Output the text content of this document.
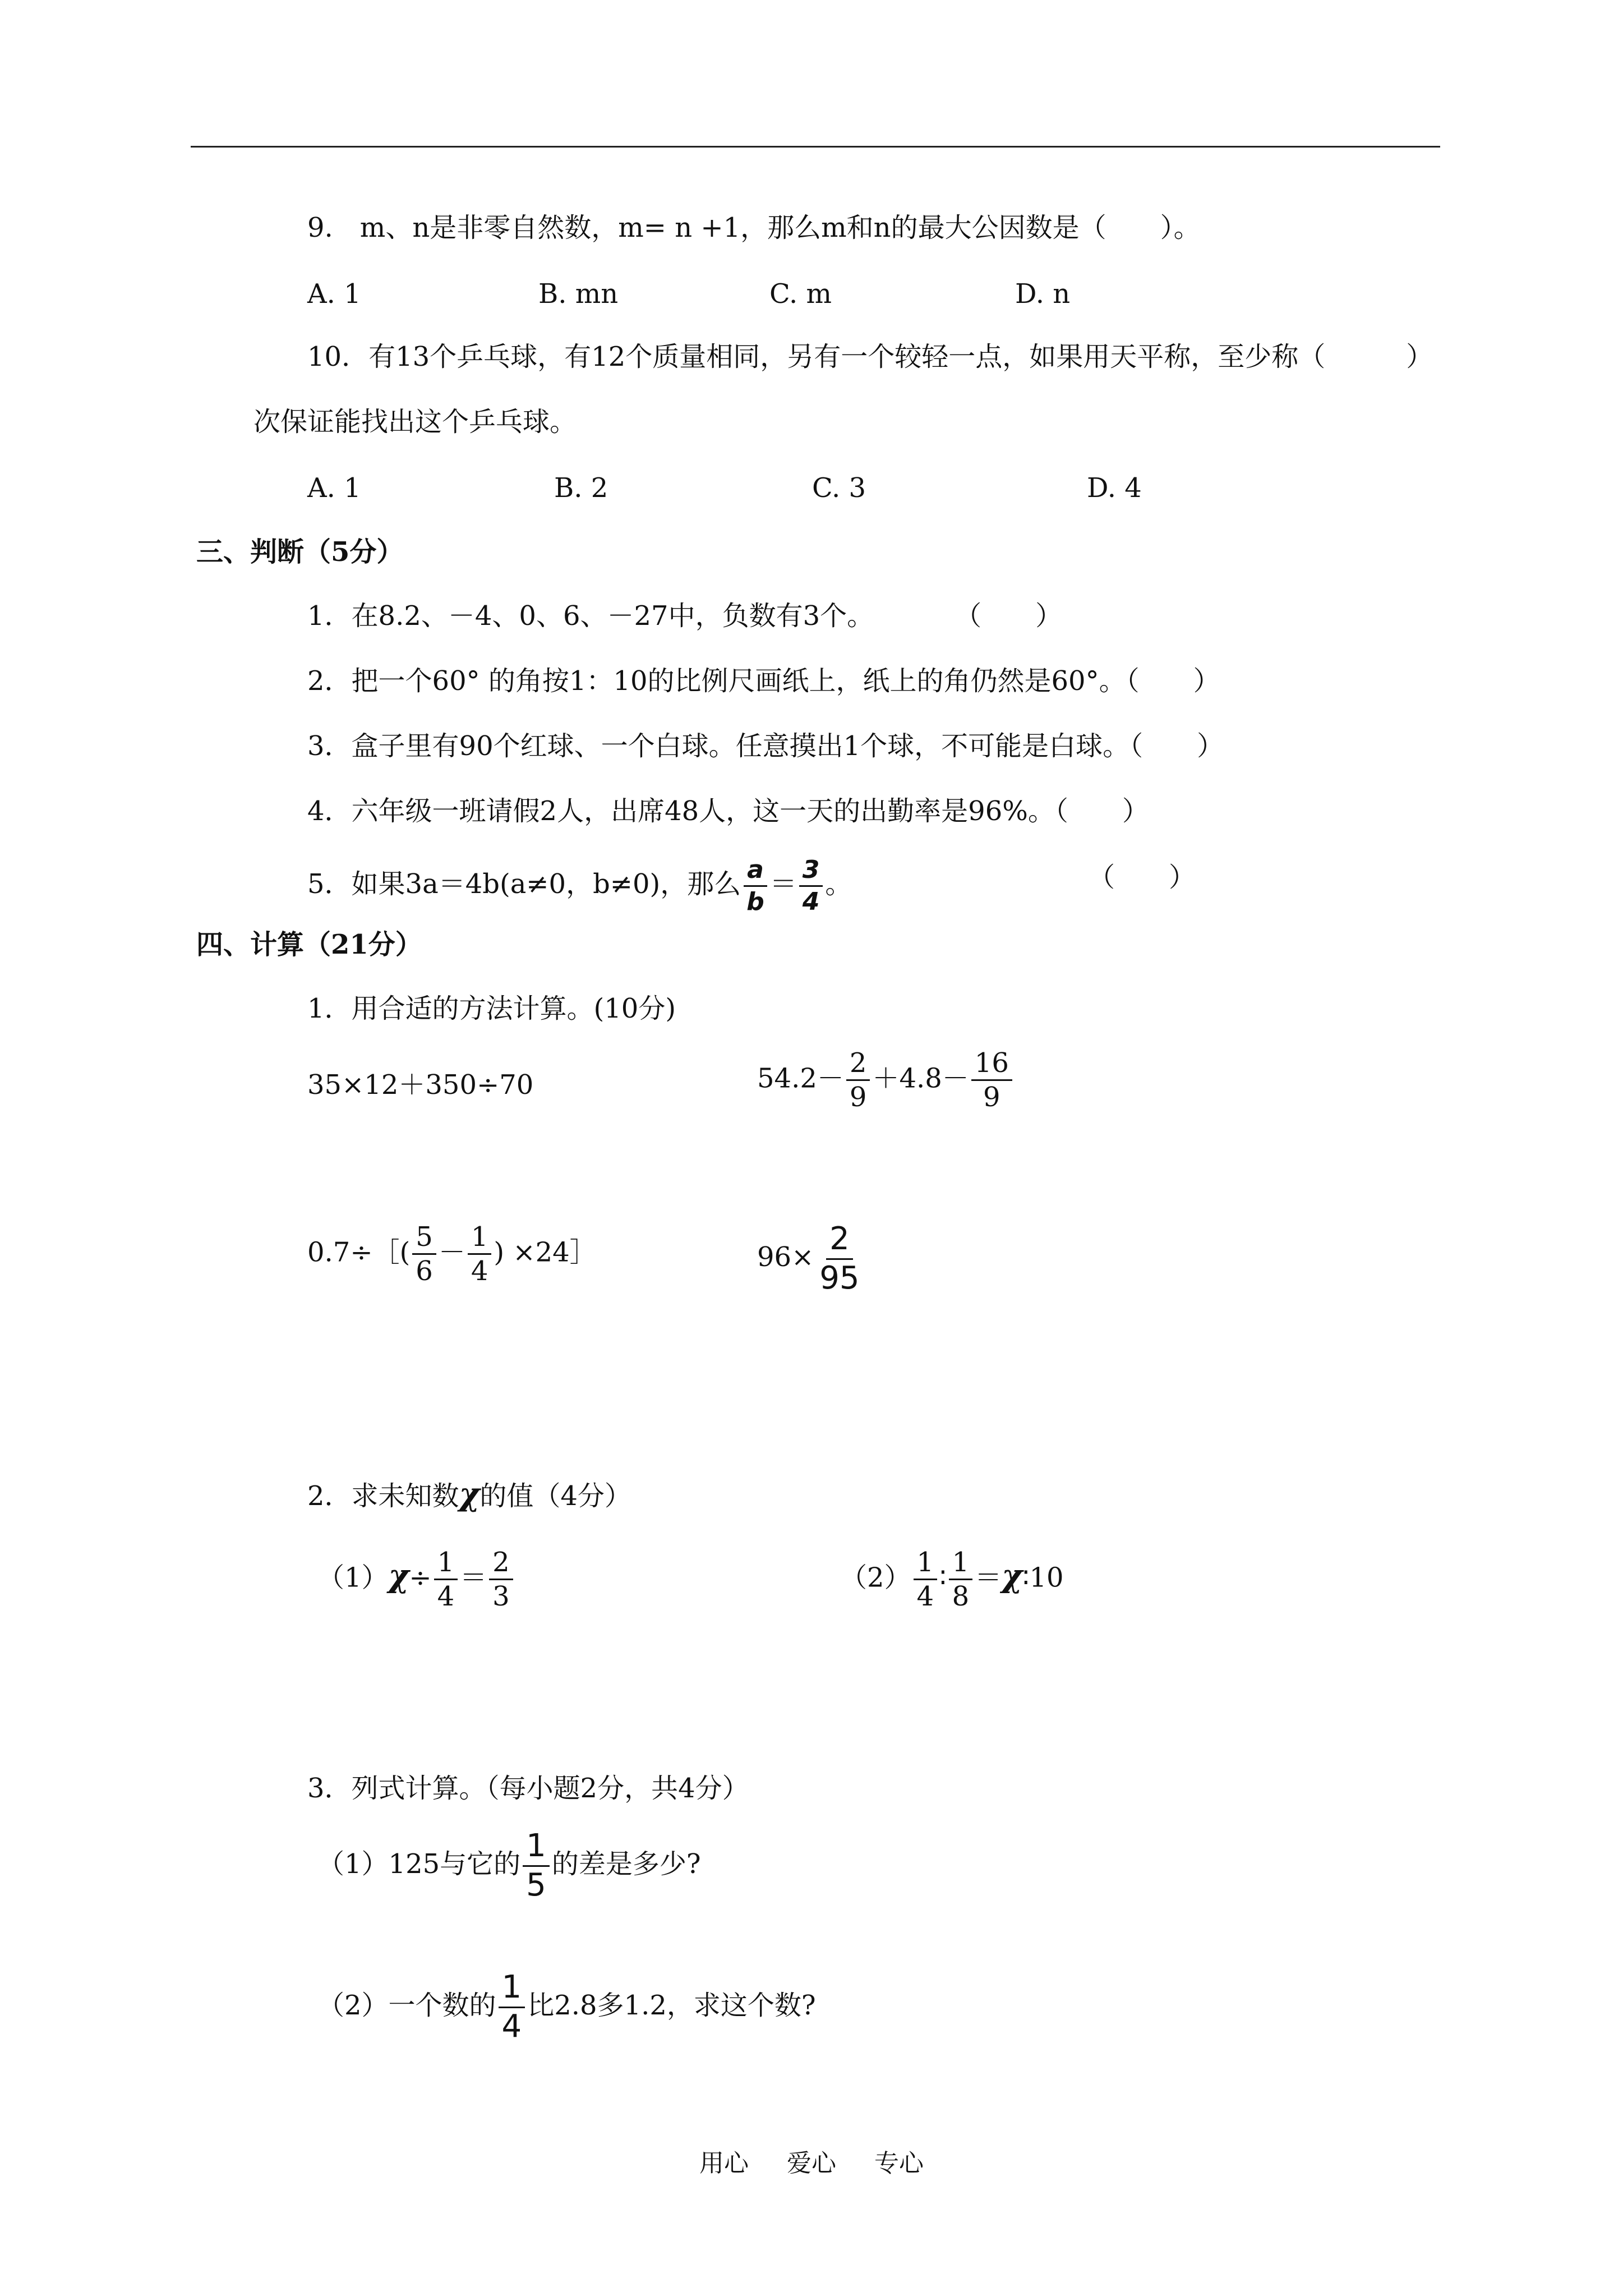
9.　m、n是非零自然数，m= n +1，那么m和n的最大公因数是（　　）。
A. 1	B. mn	C. m	D. n
10．有13个乒乓球，有12个质量相同，另有一个较轻一点，如果用天平称，至少称（　　　）
次保证能找出这个乒乓球。
A. 1	B. 2	C. 3	D. 4
三、判断（5分）
1．在8.2、－4、0、6、－27中，负数有3个。　　　　（　　）
2．把一个60° 的角按1：10的比例尺画纸上，纸上的角仍然是60°。（　　）
3．盒子里有90个红球、一个白球。任意摸出1个球，不可能是白球。（　　）
4．六年级一班请假2人，出席48人，这一天的出勤率是96%。（　　）
5．如果3a＝4b(a≠0，b≠0)，那么 $\frac{a}{b} = \frac{3}{4}$ 。	（　　）
四、计算（21分）
1．用合适的方法计算。(10分)
35×12＋350÷70	$54.2- \frac{2}{9} +4.8- \frac{16}{9}$
0.7÷［( $\frac{5}{6} - \frac{1}{4}$ ) ×24］	$96\times \frac{2}{95}$
2．求未知数χ的值（4分）
$(1)\chi\div \frac{1}{4} = \frac{2}{3}$	$(2) \frac{1}{4}$ ∶ $\frac{1}{8}$ ＝χ∶10
3．列式计算。（每小题2分，共4分）
（1）125与它的 $\frac{1}{5}$ 的差是多少?
（2）一个数的 $\frac{1}{4}$ 比2.8多1.2，求这个数?
用心 爱心 专心
